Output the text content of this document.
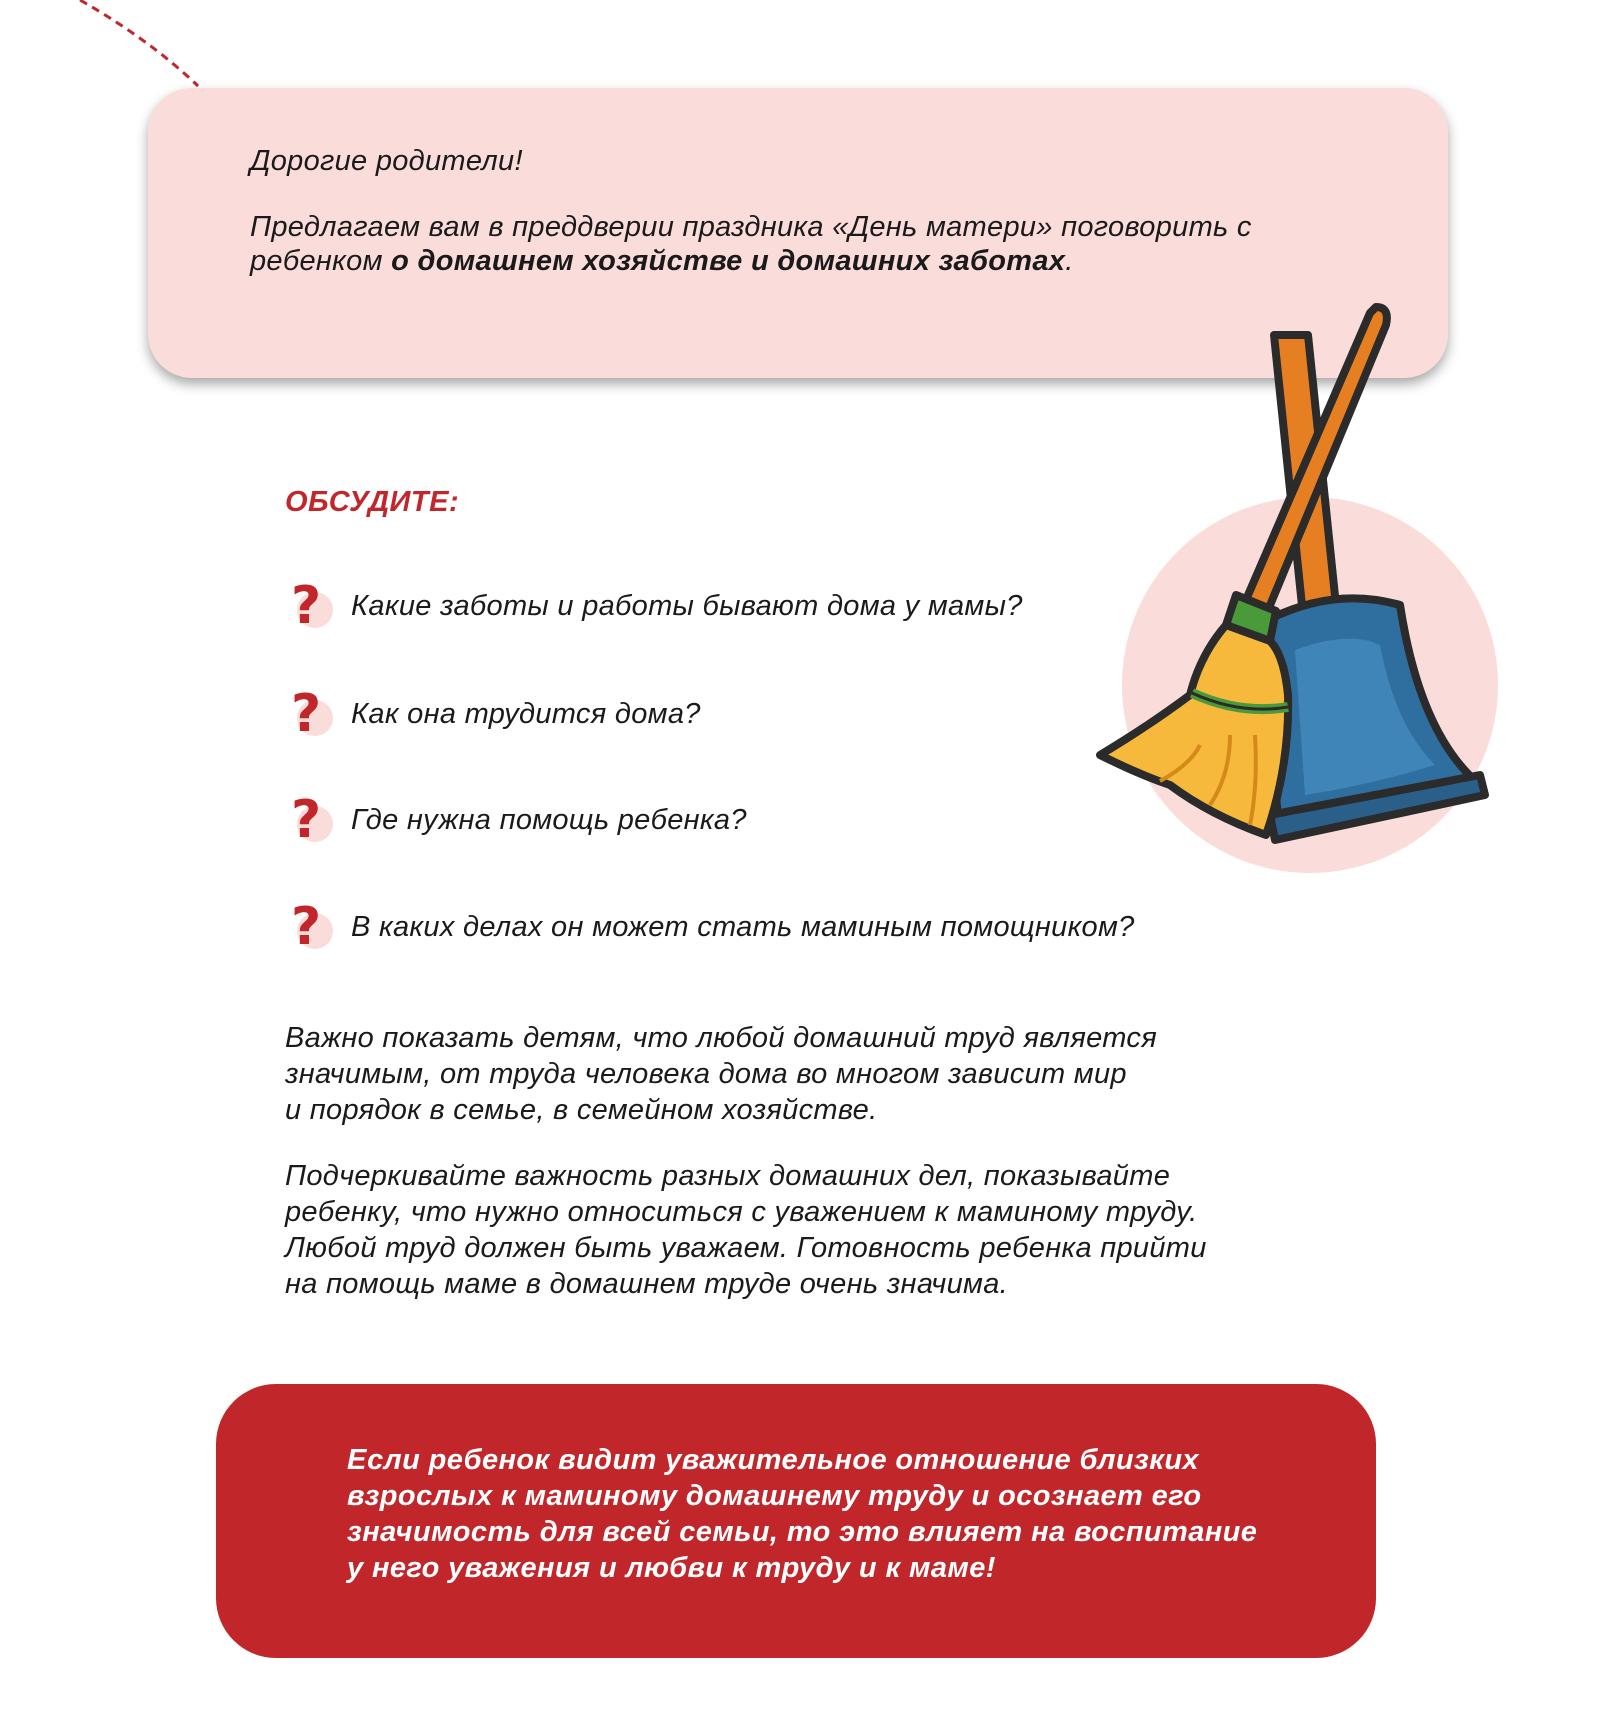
Дорогие родители!

Предлагаем вам в преддверии праздника «День матери» поговорить с ребенком о домашнем хозяйстве и домашних заботах.

ОБСУДИТЕ:
? Какие заботы и работы бывают дома у мамы?
? Как она трудится дома?
? Где нужна помощь ребенка?
? В каких делах он может стать маминым помощником?

Важно показать детям, что любой домашний труд является
значимым, от труда человека дома во многом зависит мир
и порядок в семье, в семейном хозяйстве.

Подчеркивайте важность разных домашних дел, показывайте
ребенку, что нужно относиться с уважением к маминому труду.
Любой труд должен быть уважаем. Готовность ребенка прийти
на помощь маме в домашнем труде очень значима.

Если ребенок видит уважительное отношение близких
взрослых к маминому домашнему труду и осознает его
значимость для всей семьи, то это влияет на воспитание
у него уважения и любви к труду и к маме!
